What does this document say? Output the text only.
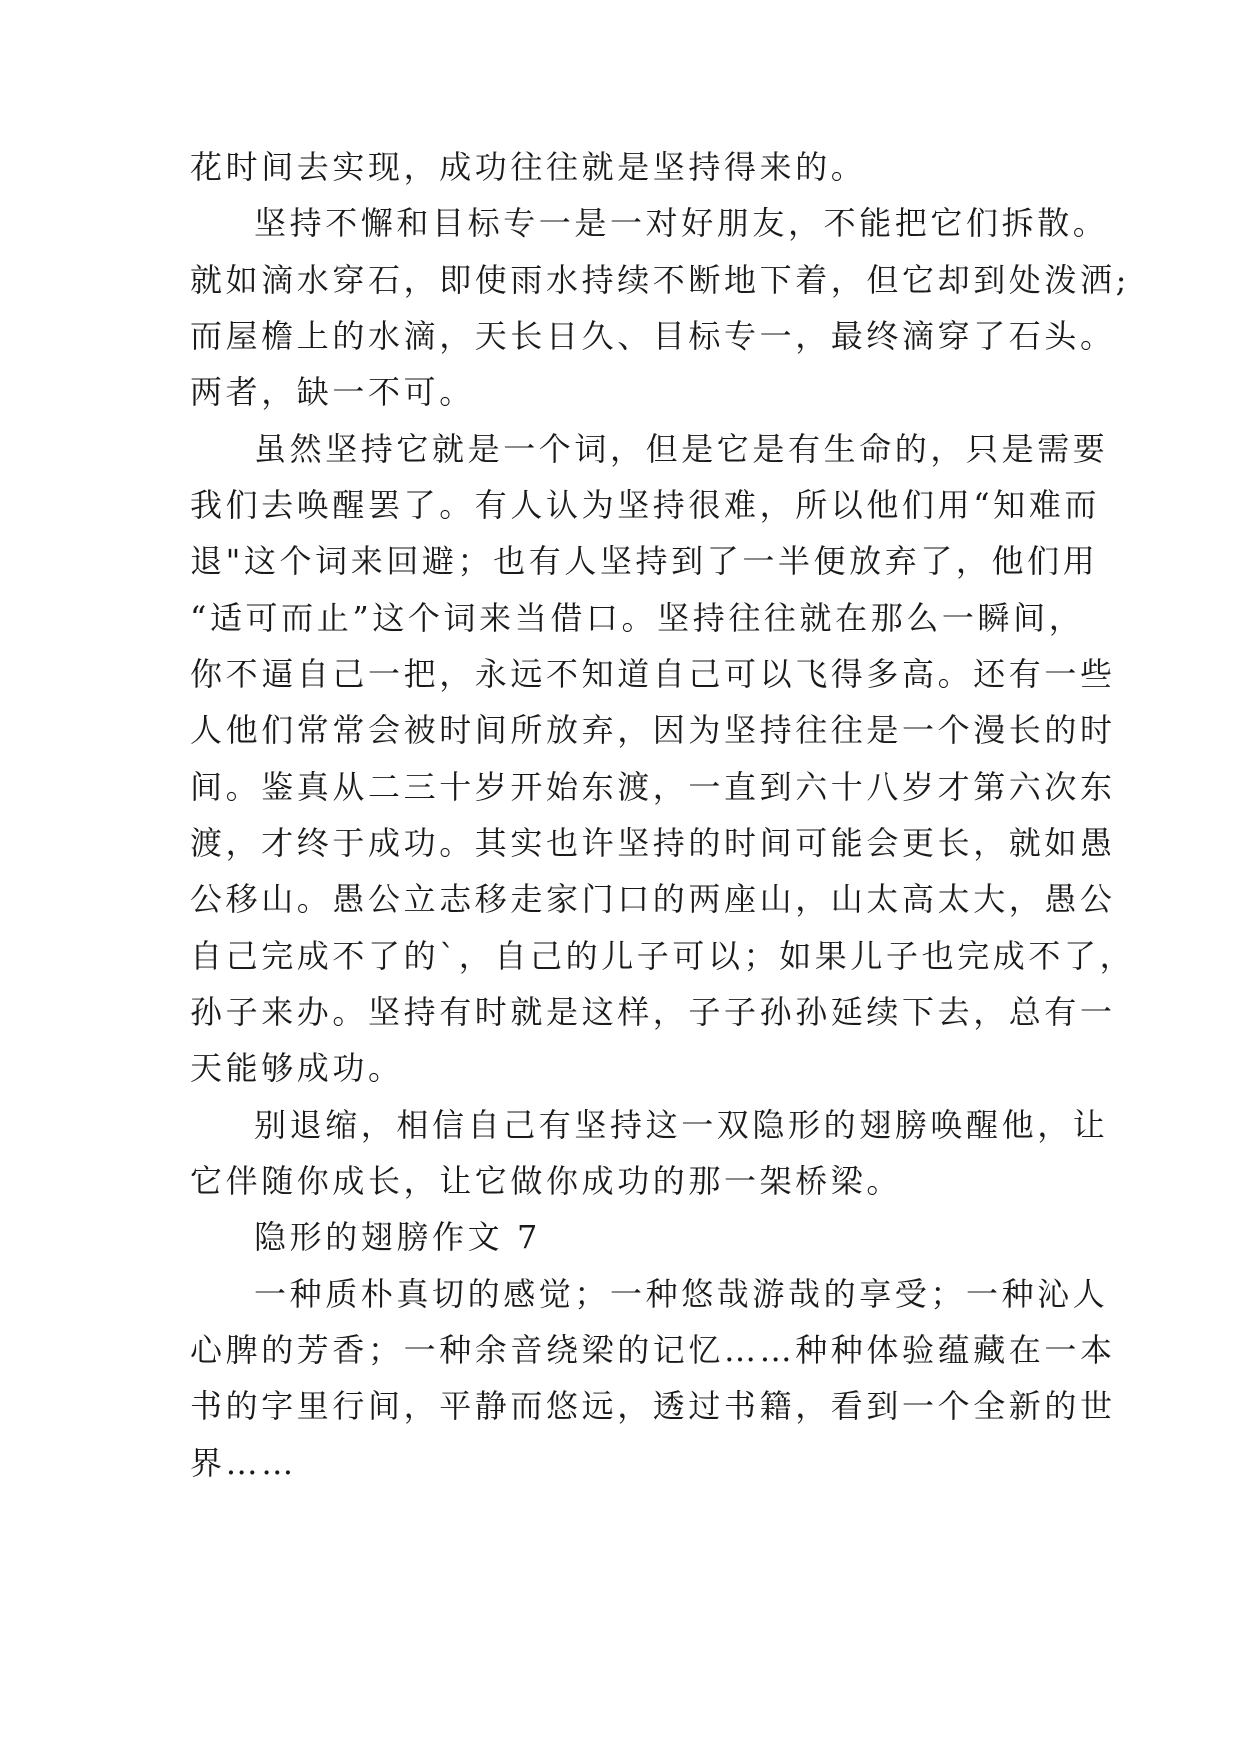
花时间去实现，成功往往就是坚持得来的。
坚持不懈和目标专一是一对好朋友，不能把它们拆散。
就如滴水穿石，即使雨水持续不断地下着，但它却到处泼洒;
而屋檐上的水滴，天长日久、目标专一，最终滴穿了石头。
两者，缺一不可。
虽然坚持它就是一个词，但是它是有生命的，只是需要
我们去唤醒罢了。有人认为坚持很难，所以他们用“知难而
退"这个词来回避；也有人坚持到了一半便放弃了，他们用
“适可而止”这个词来当借口。坚持往往就在那么一瞬间，
你不逼自己一把，永远不知道自己可以飞得多高。还有一些
人他们常常会被时间所放弃，因为坚持往往是一个漫长的时
间。鉴真从二三十岁开始东渡，一直到六十八岁才第六次东
渡，才终于成功。其实也许坚持的时间可能会更长，就如愚
公移山。愚公立志移走家门口的两座山，山太高太大，愚公
自己完成不了的`，自己的儿子可以；如果儿子也完成不了，
孙子来办。坚持有时就是这样，子子孙孙延续下去，总有一
天能够成功。
别退缩，相信自己有坚持这一双隐形的翅膀唤醒他，让
它伴随你成长，让它做你成功的那一架桥梁。
隐形的翅膀作文 7
一种质朴真切的感觉；一种悠哉游哉的享受；一种沁人
心脾的芳香；一种余音绕梁的记忆……种种体验蕴藏在一本
书的字里行间，平静而悠远，透过书籍，看到一个全新的世
界……
